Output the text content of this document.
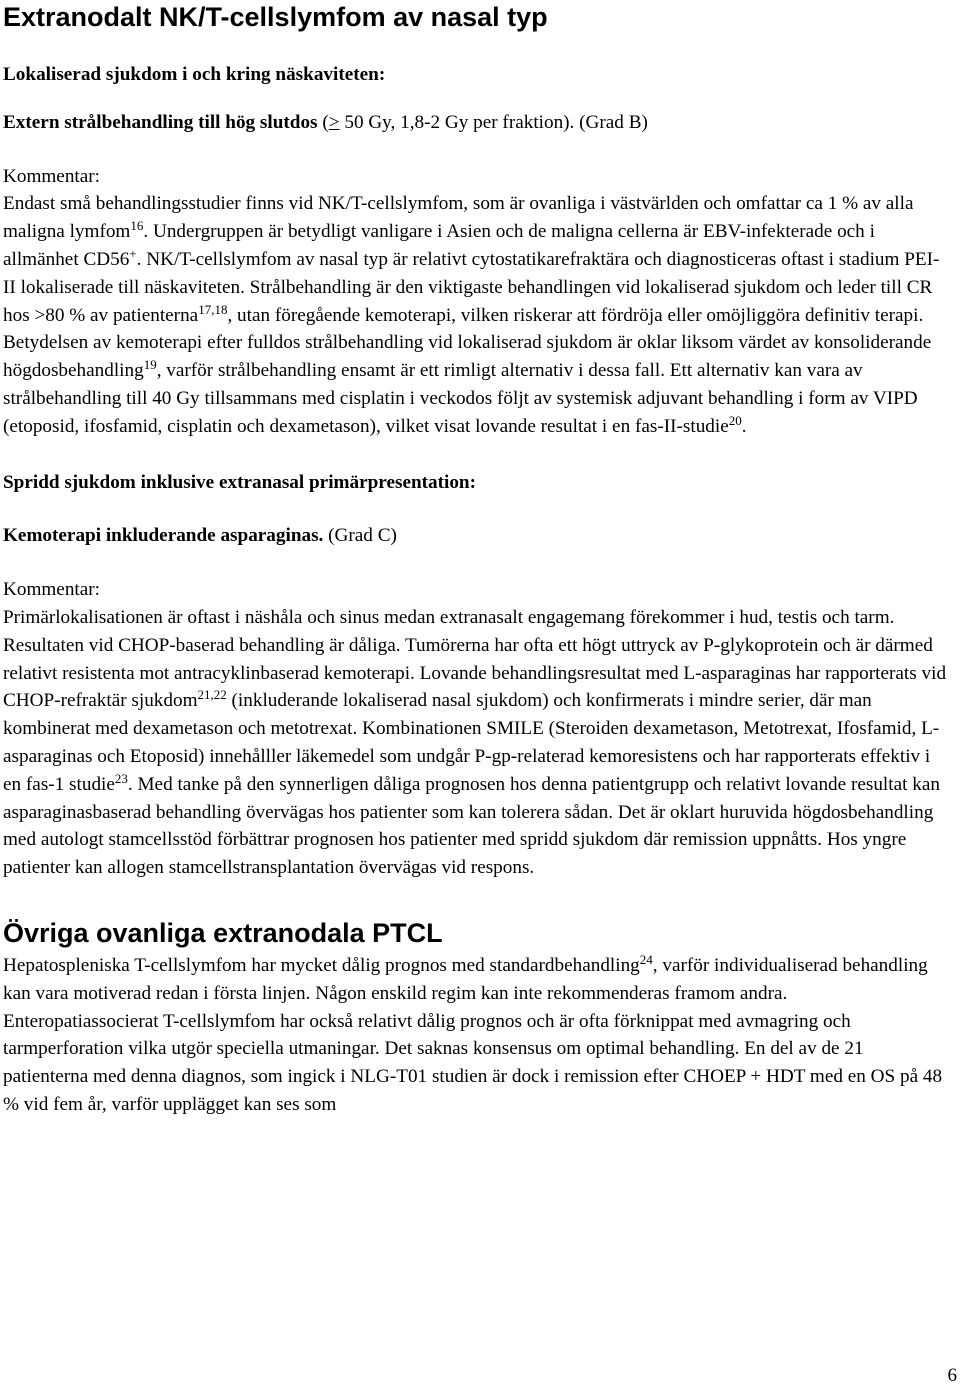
Extranodalt NK/T-cellslymfom av nasal typ

Lokaliserad sjukdom i och kring näskaviteten:

Extern strålbehandling till hög slutdos (≥ 50 Gy, 1,8-2 Gy per fraktion). (Grad B)

Kommentar:

Endast små behandlingsstudier finns vid NK/T-cellslymfom, som är ovanliga i västvärlden och omfattar ca 1 % av alla maligna lymfom$^{16}$. Undergruppen är betydligt vanligare i Asien och de maligna cellerna är EBV-infekterade och i allmänhet CD56+. NK/T-cellslymfom av nasal typ är relativt cytostatikarefraktära och diagnosticeras oftast i stadium PEI-II lokaliserade till näskaviteten. Strålbehandling är den viktigaste behandlingen vid lokaliserad sjukdom och leder till CR hos >80 % av patienterna$^{17,18}$, utan föregående kemoterapi, vilken riskerar att fördröja eller omöjliggöra definitiv terapi. Betydelsen av kemoterapi efter fulldos strålbehandling vid lokaliserad sjukdom är oklar liksom värdet av konsoliderande högdosbehandling$^{19}$, varför strålbehandling ensamt är ett rimligt alternativ i dessa fall. Ett alternativ kan vara av strålbehandling till 40 Gy tillsammans med cisplatin i veckodos följt av systemisk adjuvant behandling i form av VIPD (etoposid, ifosfamid, cisplatin och dexametason), vilket visat lovande resultat i en fas-II-studie$^{20}$.

Spridd sjukdom inklusive extranasal primärpresentation:

Kemoterapi inkluderande asparaginas. (Grad C)

Kommentar:

Primärlokalisationen är oftast i näshåla och sinus medan extranasalt engagemang förekommer i hud, testis och tarm. Resultaten vid CHOP-baserad behandling är dåliga. Tumörerna har ofta ett högt uttryck av P-glykoprotein och är därmed relativt resistenta mot antracyklinbaserad kemoterapi. Lovande behandlingsresultat med L-asparaginas har rapporterats vid CHOP-refraktär sjukdom$^{21,22}$ (inkluderande lokaliserad nasal sjukdom) och konfirmerats i mindre serier, där man kombinerat med dexametason och metotrexat. Kombinationen SMILE (Steroiden dexametason, Metotrexat, Ifosfamid, L-asparaginas och Etoposid) innehålller läkemedel som undgår P-gp-relaterad kemoresistens och har rapporterats effektiv i en fas-1 studie$^{23}$. Med tanke på den synnerligen dåliga prognosen hos denna patientgrupp och relativt lovande resultat kan asparaginasbaserad behandling övervägas hos patienter som kan tolerera sådan. Det är oklart huruvida högdosbehandling med autologt stamcellsstöd förbättrar prognosen hos patienter med spridd sjukdom där remission uppnåtts. Hos yngre patienter kan allogen stamcellstransplantation övervägas vid respons.

Övriga ovanliga extranodala PTCL

Hepatospleniska T-cellslymfom har mycket dålig prognos med standardbehandling$^{24}$, varför individualiserad behandling kan vara motiverad redan i första linjen. Någon enskild regim kan inte rekommenderas framom andra.

Enteropatiassocierat T-cellslymfom har också relativt dålig prognos och är ofta förknippat med avmagring och tarmperforation vilka utgör speciella utmaningar. Det saknas konsensus om optimal behandling. En del av de 21 patienterna med denna diagnos, som ingick i NLG-T01 studien är dock i remission efter CHOEP + HDT med en OS på 48 % vid fem år, varför upplägget kan ses som

6
